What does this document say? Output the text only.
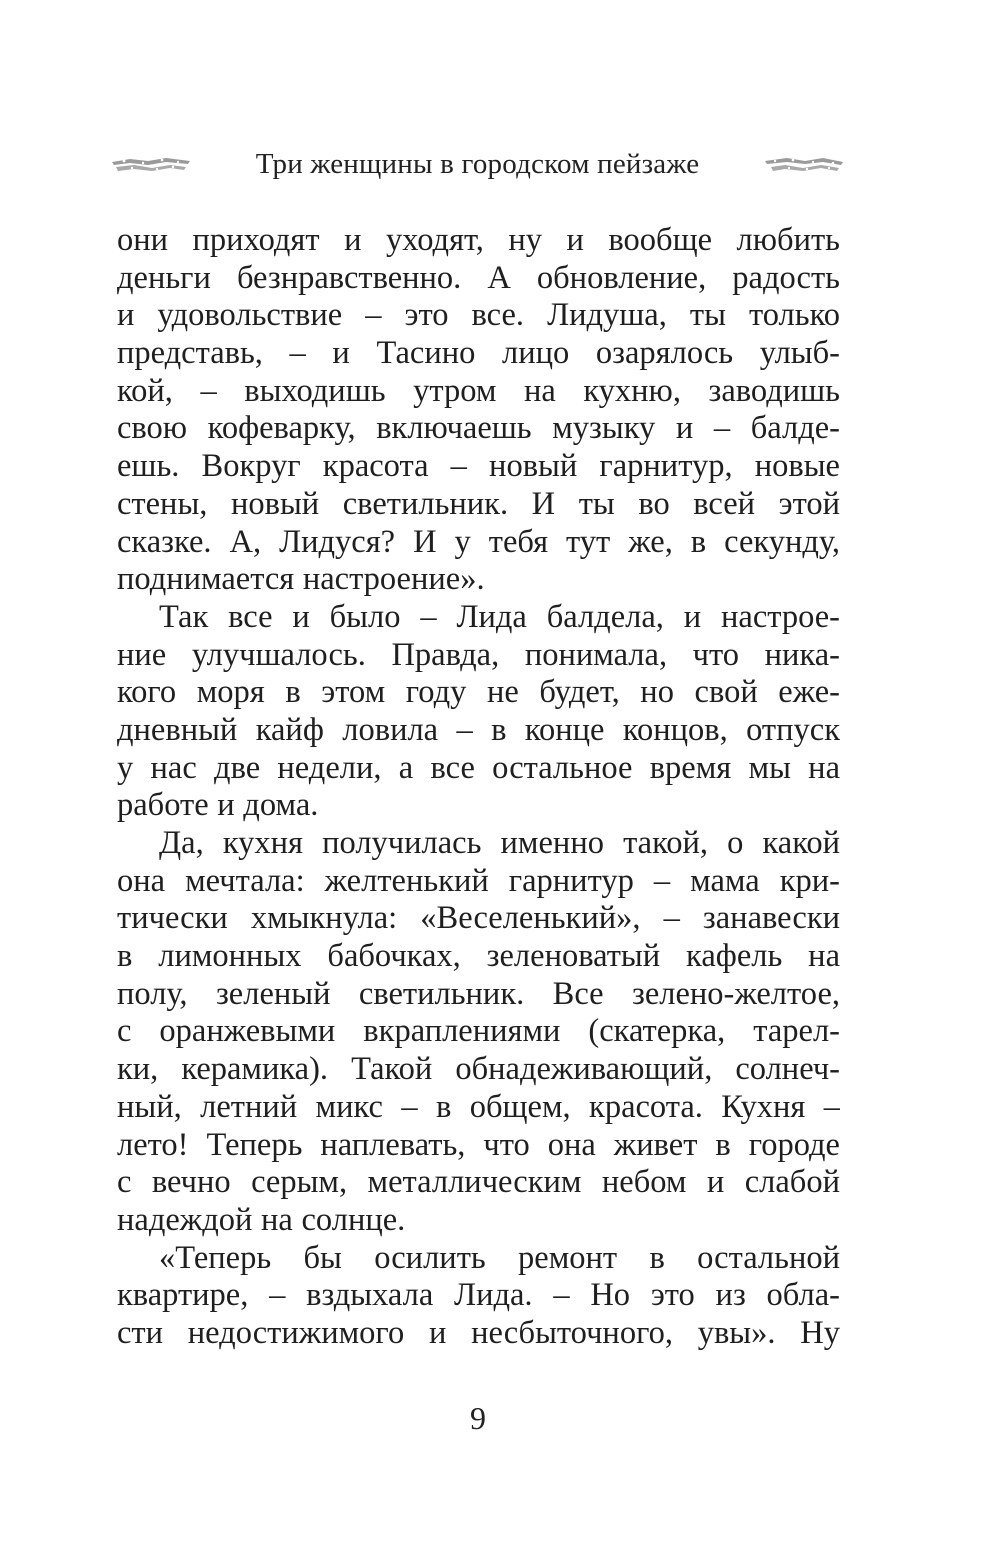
Три женщины в городском пейзаже
они приходят и уходят, ну и вообще любить
деньги безнравственно. А обновление, радость
и удовольствие – это все. Лидуша, ты только
представь, – и Тасино лицо озарялось улыб-
кой, – выходишь утром на кухню, заводишь
свою кофеварку, включаешь музыку и – балде-
ешь. Вокруг красота – новый гарнитур, новые
стены, новый светильник. И ты во всей этой
сказке. А, Лидуся? И у тебя тут же, в секунду,
поднимается настроение».
Так все и было – Лида балдела, и настрое-
ние улучшалось. Правда, понимала, что ника-
кого моря в этом году не будет, но свой еже-
дневный кайф ловила – в конце концов, отпуск
у нас две недели, а все остальное время мы на
работе и дома.
Да, кухня получилась именно такой, о какой
она мечтала: желтенький гарнитур – мама кри-
тически хмыкнула: «Веселенький», – занавески
в лимонных бабочках, зеленоватый кафель на
полу, зеленый светильник. Все зелено-желтое,
с оранжевыми вкраплениями (скатерка, тарел-
ки, керамика). Такой обнадеживающий, солнеч-
ный, летний микс – в общем, красота. Кухня –
лето! Теперь наплевать, что она живет в городе
с вечно серым, металлическим небом и слабой
надеждой на солнце.
«Теперь бы осилить ремонт в остальной
квартире, – вздыхала Лида. – Но это из обла-
сти недостижимого и несбыточного, увы». Ну
9
